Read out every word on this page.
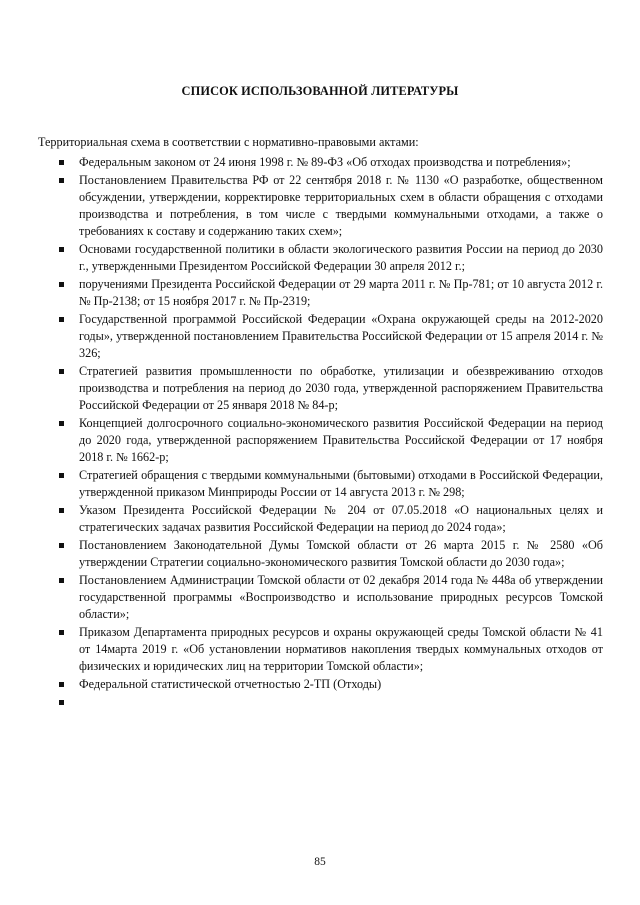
СПИСОК ИСПОЛЬЗОВАННОЙ ЛИТЕРАТУРЫ
Территориальная схема в соответствии с нормативно-правовыми актами:
Федеральным законом от 24 июня 1998 г. № 89-ФЗ «Об отходах производства и потребления»;
Постановлением Правительства РФ от 22 сентября 2018 г. № 1130 «О разработке, общественном обсуждении, утверждении, корректировке территориальных схем в области обращения с отходами производства и потребления, в том числе с твердыми коммунальными отходами, а также о требованиях к составу и содержанию таких схем»;
Основами государственной политики в области экологического развития России на период до 2030 г., утвержденными Президентом Российской Федерации 30 апреля 2012 г.;
поручениями Президента Российской Федерации от 29 марта 2011 г. № Пр-781; от 10 августа 2012 г. № Пр-2138; от 15 ноября 2017 г. № Пр-2319;
Государственной программой Российской Федерации «Охрана окружающей среды на 2012-2020 годы», утвержденной постановлением Правительства Российской Федерации от 15 апреля 2014 г. № 326;
Стратегией развития промышленности по обработке, утилизации и обезвреживанию отходов производства и потребления на период до 2030 года, утвержденной распоряжением Правительства Российской Федерации от 25 января 2018 № 84-р;
Концепцией долгосрочного социально-экономического развития Российской Федерации на период до 2020 года, утвержденной распоряжением Правительства Российской Федерации от 17 ноября 2018 г. № 1662-р;
Стратегией обращения с твердыми коммунальными (бытовыми) отходами в Российской Федерации, утвержденной приказом Минприроды России от 14 августа 2013 г. № 298;
Указом Президента Российской Федерации № 204 от 07.05.2018 «О национальных целях и стратегических задачах развития Российской Федерации на период до 2024 года»;
Постановлением Законодательной Думы Томской области от 26 марта 2015 г. № 2580 «Об утверждении Стратегии социально-экономического развития Томской области до 2030 года»;
Постановлением Администрации Томской области от 02 декабря 2014 года № 448а об утверждении государственной программы «Воспроизводство и использование природных ресурсов Томской области»;
Приказом Департамента природных ресурсов и охраны окружающей среды Томской области № 41 от 14марта 2019 г. «Об установлении нормативов накопления твердых коммунальных отходов от физических и юридических лиц на территории Томской области»;
Федеральной статистической отчетностью 2-ТП (Отходы)
85
